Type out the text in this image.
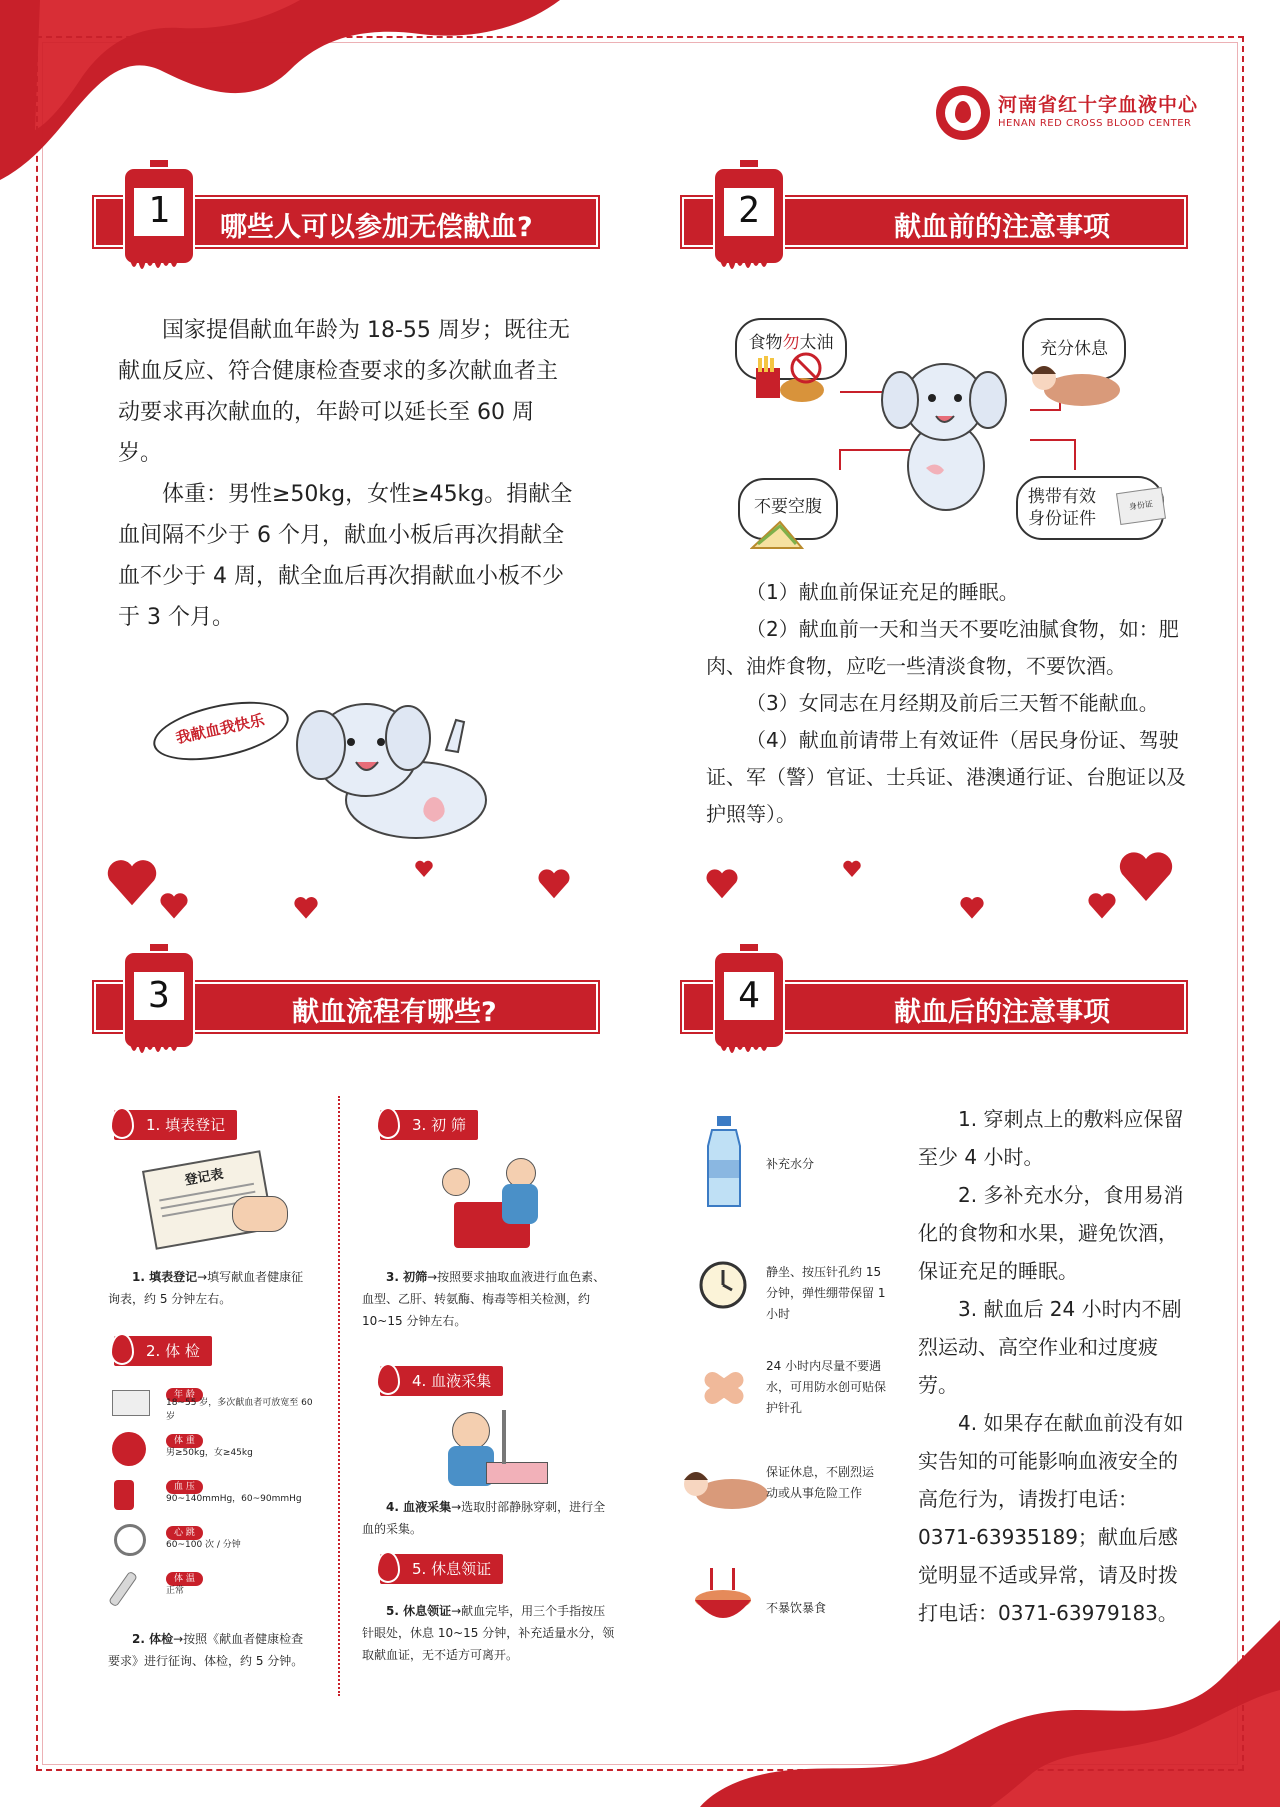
河南省红十字血液中心
HENAN RED CROSS BLOOD CENTER
哪些人可以参加无偿献血?
1

国家提倡献血年龄为 18-55 周岁；既往无献血反应、符合健康检查要求的多次献血者主动要求再次献血的，年龄可以延长至 60 周岁。

体重：男性≥50kg，女性≥45kg。捐献全血间隔不少于 6 个月，献血小板后再次捐献全血不少于 4 周，献全血后再次捐献血小板不少于 3 个月。

我献血我快乐
献血前的注意事项
2
食物勿太油	充分休息
不要空腹	携带有效
身份证件
身份证

（1）献血前保证充足的睡眠。

（2）献血前一天和当天不要吃油腻食物，如：肥肉、油炸食物，应吃一些清淡食物，不要饮酒。

（3）女同志在月经期及前后三天暂不能献血。

（4）献血前请带上有效证件（居民身份证、驾驶证、军（警）官证、士兵证、港澳通行证、台胞证以及护照等）。

献血流程有哪些?
3
1. 填表登记
登记表
1. 填表登记→填写献血者健康征询表，约 5 分钟左右。
2. 体 检
年 龄
18~55 岁，多次献血者可放宽至 60 岁
体 重
男≥50kg，女≥45kg
血 压
90~140mmHg，60~90mmHg
心 跳
60~100 次 / 分钟
体 温
正常
2. 体检→按照《献血者健康检查要求》进行征询、体检，约 5 分钟。
3. 初 筛
3. 初筛→按照要求抽取血液进行血色素、血型、乙肝、转氨酶、梅毒等相关检测，约 10~15 分钟左右。
4. 血液采集
4. 血液采集→选取肘部静脉穿刺，进行全血的采集。
5. 休息领证
5. 休息领证→献血完毕，用三个手指按压针眼处，休息 10~15 分钟，补充适量水分，领取献血证，无不适方可离开。
献血后的注意事项
4
补充水分
静坐、按压针孔约 15 分钟，弹性绷带保留 1 小时
24 小时内尽量不要遇水，可用防水创可贴保护针孔
保证休息，不剧烈运动或从事危险工作
不暴饮暴食

1. 穿刺点上的敷料应保留至少 4 小时。

2. 多补充水分，食用易消化的食物和水果，避免饮酒，保证充足的睡眠。

3. 献血后 24 小时内不剧烈运动、高空作业和过度疲劳。

4. 如果存在献血前没有如实告知的可能影响血液安全的高危行为，请拨打电话：0371-63935189；献血后感觉明显不适或异常，请及时拨打电话：0371-63979183。
